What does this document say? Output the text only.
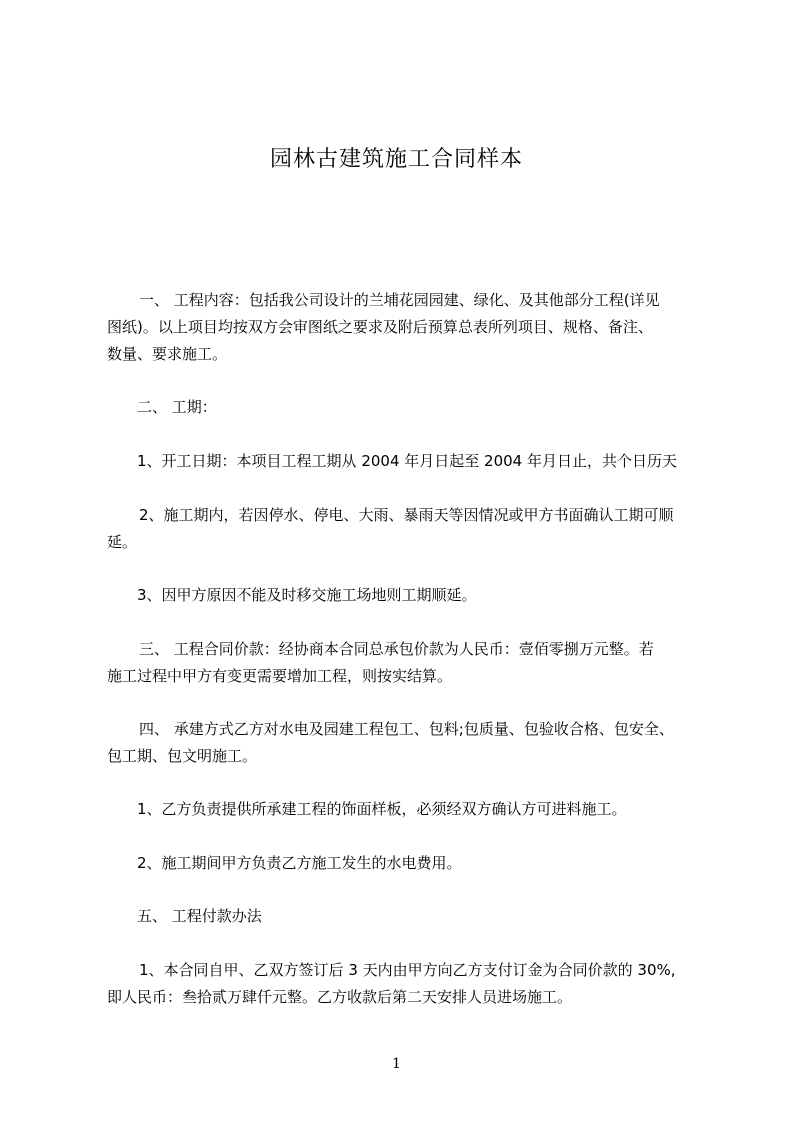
园林古建筑施工合同样本
一、 工程内容：包括我公司设计的兰埔花园园建、绿化、及其他部分工程(详见
图纸)。以上项目均按双方会审图纸之要求及附后预算总表所列项目、规格、备注、
数量、要求施工。
二、 工期：
1、开工日期：本项目工程工期从 2004 年月日起至 2004 年月日止，共个日历天
2、施工期内，若因停水、停电、大雨、暴雨天等因情况或甲方书面确认工期可顺
延。
3、因甲方原因不能及时移交施工场地则工期顺延。
三、 工程合同价款：经协商本合同总承包价款为人民币：壹佰零捌万元整。若
施工过程中甲方有变更需要增加工程，则按实结算。
四、 承建方式乙方对水电及园建工程包工、包料;包质量、包验收合格、包安全、
包工期、包文明施工。
1、乙方负责提供所承建工程的饰面样板，必须经双方确认方可进料施工。
2、施工期间甲方负责乙方施工发生的水电费用。
五、 工程付款办法
1、本合同自甲、乙双方签订后 3 天内由甲方向乙方支付订金为合同价款的 30%,
即人民币：叁拾贰万肆仟元整。乙方收款后第二天安排人员进场施工。
1
